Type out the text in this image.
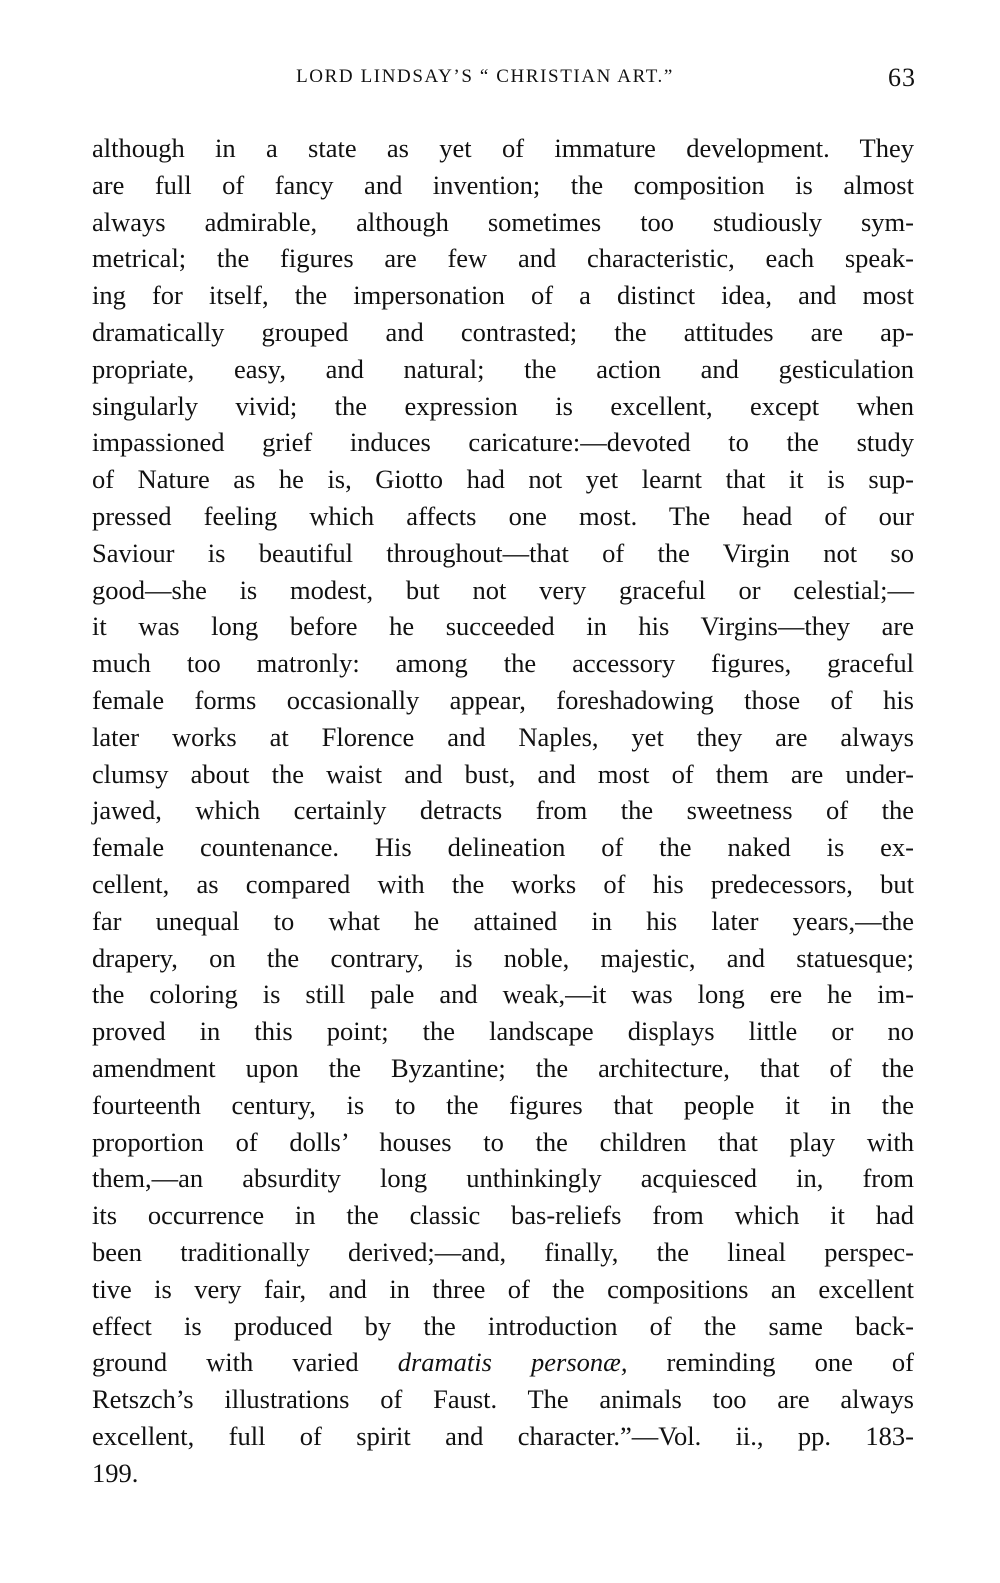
LORD LINDSAY’S “ CHRISTIAN ART.”	63
although in a state as yet of immature development. They
are full of fancy and invention; the composition is almost
always admirable, although sometimes too studiously sym-
metrical; the figures are few and characteristic, each speak-
ing for itself, the impersonation of a distinct idea, and most
dramatically grouped and contrasted; the attitudes are ap-
propriate, easy, and natural; the action and gesticulation
singularly vivid; the expression is excellent, except when
impassioned grief induces caricature:—devoted to the study
of Nature as he is, Giotto had not yet learnt that it is sup-
pressed feeling which affects one most. The head of our
Saviour is beautiful throughout—that of the Virgin not so
good—she is modest, but not very graceful or celestial;—
it was long before he succeeded in his Virgins—they are
much too matronly: among the accessory figures, graceful
female forms occasionally appear, foreshadowing those of his
later works at Florence and Naples, yet they are always
clumsy about the waist and bust, and most of them are under-
jawed, which certainly detracts from the sweetness of the
female countenance. His delineation of the naked is ex-
cellent, as compared with the works of his predecessors, but
far unequal to what he attained in his later years,—the
drapery, on the contrary, is noble, majestic, and statuesque;
the coloring is still pale and weak,—it was long ere he im-
proved in this point; the landscape displays little or no
amendment upon the Byzantine; the architecture, that of the
fourteenth century, is to the figures that people it in the
proportion of dolls’ houses to the children that play with
them,—an absurdity long unthinkingly acquiesced in, from
its occurrence in the classic bas-reliefs from which it had
been traditionally derived;—and, finally, the lineal perspec-
tive is very fair, and in three of the compositions an excellent
effect is produced by the introduction of the same back-
ground with varied dramatis personæ, reminding one of
Retszch’s illustrations of Faust. The animals too are always
excellent, full of spirit and character.”—Vol. ii., pp. 183-
199.
